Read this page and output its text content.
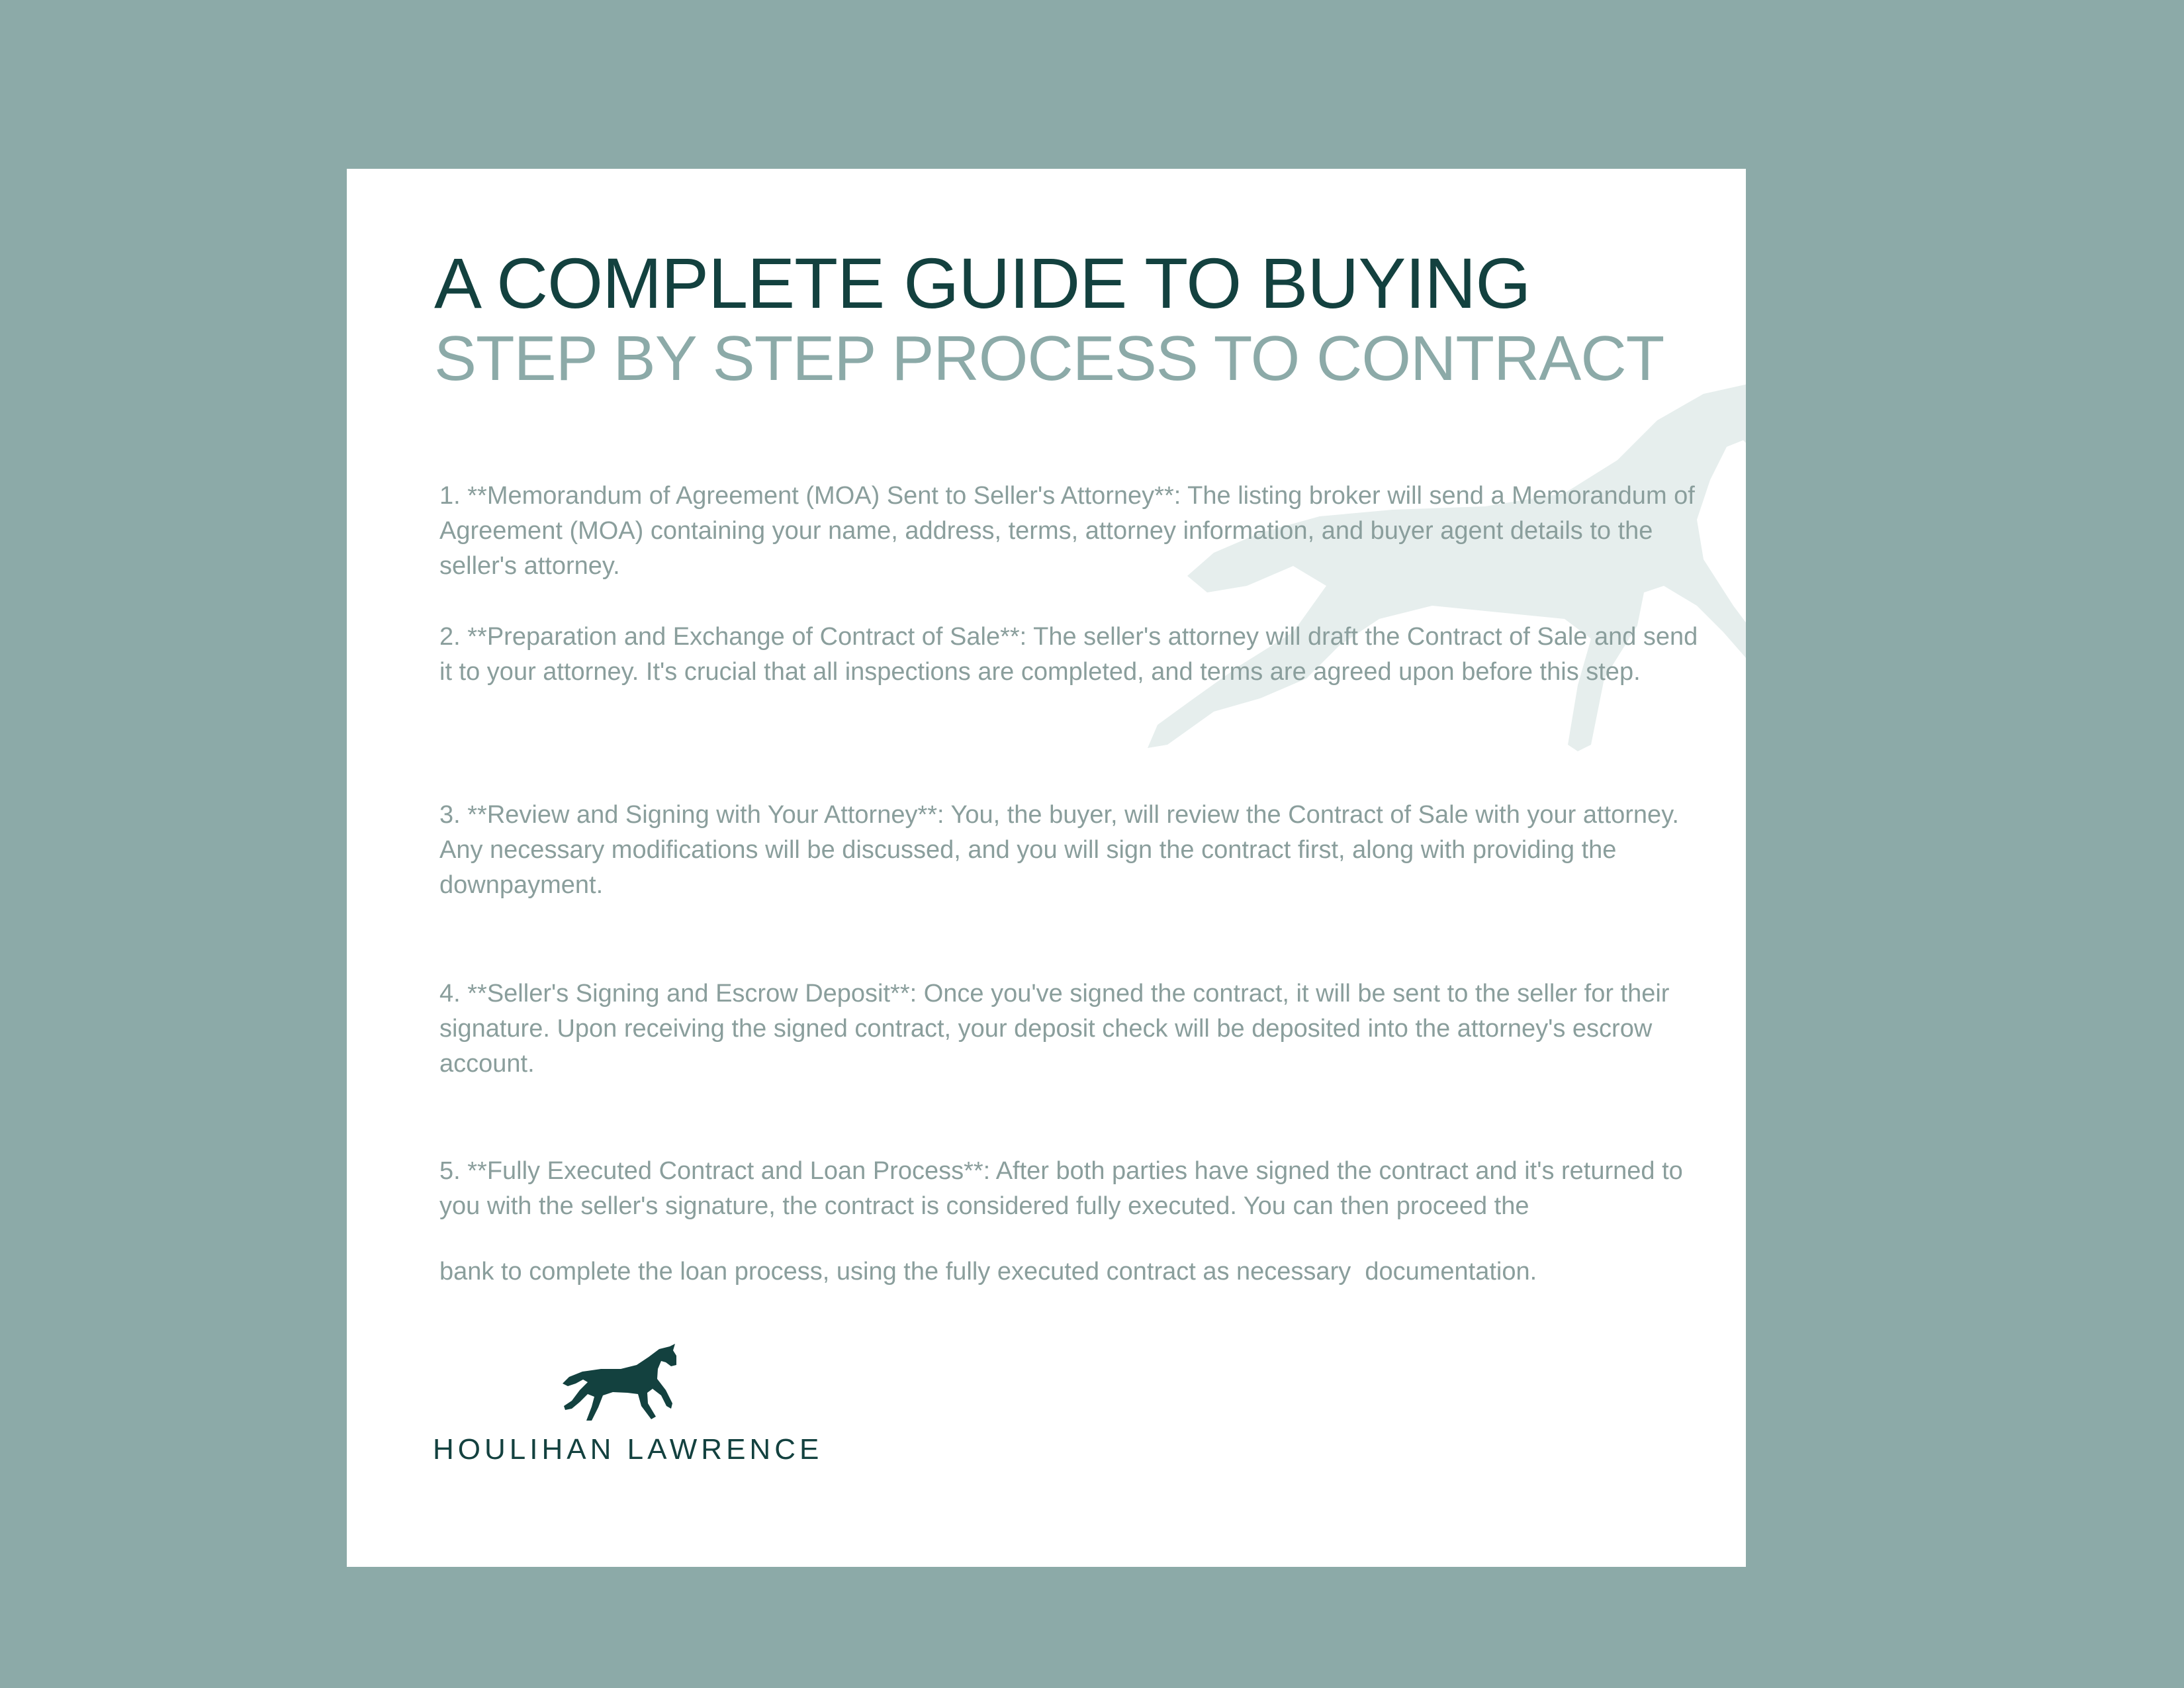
A COMPLETE GUIDE TO BUYING
STEP BY STEP PROCESS TO CONTRACT

1. **Memorandum of Agreement (MOA) Sent to Seller's Attorney**: The listing broker will send a Memorandum of Agreement (MOA) containing your name, address, terms, attorney information, and buyer agent details to the seller's attorney.

2. **Preparation and Exchange of Contract of Sale**: The seller's attorney will draft the Contract of Sale and send it to your attorney. It's crucial that all inspections are completed, and terms are agreed upon before this step.

3. **Review and Signing with Your Attorney**: You, the buyer, will review the Contract of Sale with your attorney. Any necessary modifications will be discussed, and you will sign the contract first, along with providing the downpayment.

4. **Seller's Signing and Escrow Deposit**: Once you've signed the contract, it will be sent to the seller for their signature. Upon receiving the signed contract, your deposit check will be deposited into the attorney's escrow account.

5. **Fully Executed Contract and Loan Process**: After both parties have signed the contract and it's returned to you with the seller's signature, the contract is considered fully executed. You can then proceed the

bank to complete the loan process, using the fully executed contract as necessary  documentation.

HOULIHAN LAWRENCE
